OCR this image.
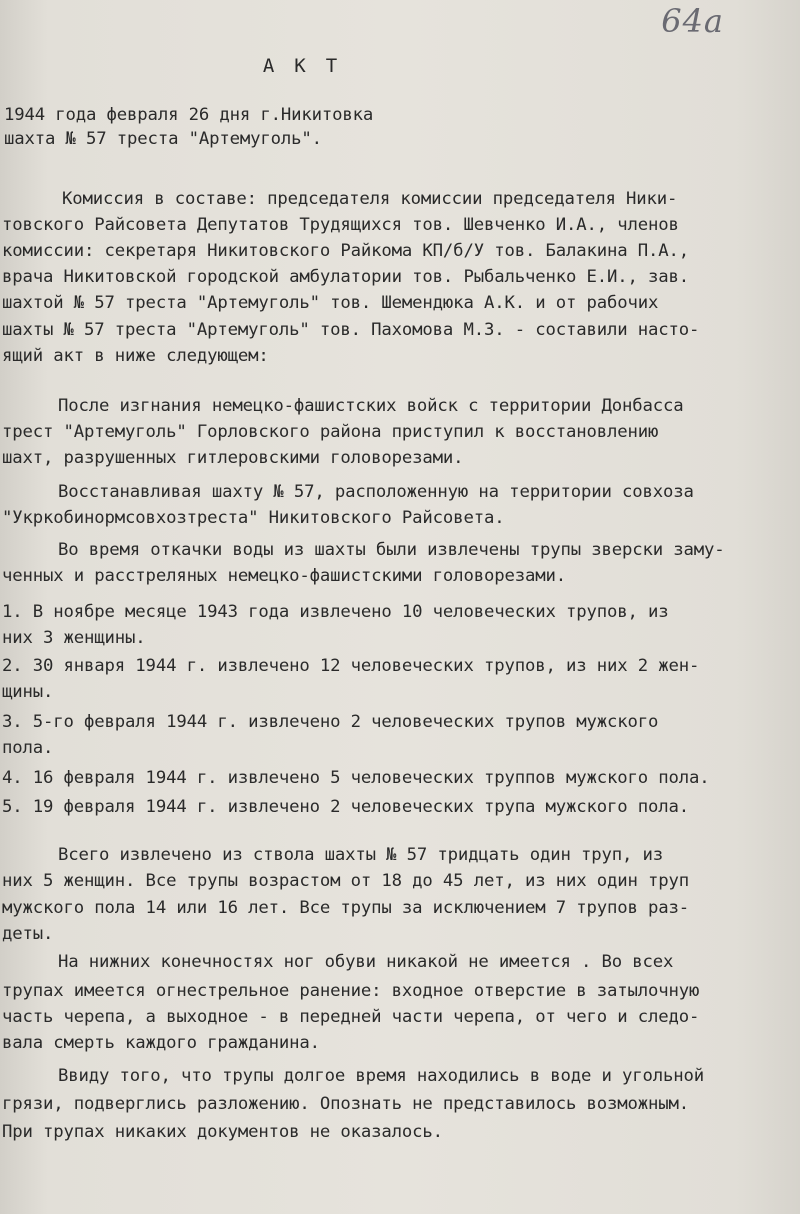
64а
АКТ
1944 года февраля 26 дня г.Никитовка
шахта № 57 треста "Артемуголь".
Комиссия в составе: председателя комиссии председателя Ники-
товского Райсовета Депутатов Трудящихся тов. Шевченко И.А., членов
комиссии: секретаря Никитовского Райкома КП/б/У тов. Балакина П.А.,
врача Никитовской городской амбулатории тов. Рыбальченко Е.И., зав.
шахтой № 57 треста "Артемуголь" тов. Шемендюка А.К. и от рабочих
шахты № 57 треста "Артемуголь" тов. Пахомова М.З. - составили насто-
ящий акт в ниже следующем:
После изгнания немецко-фашистских войск с территории Донбасса
трест "Артемуголь" Горловского района приступил к восстановлению
шахт, разрушенных гитлеровскими головорезами.
Восстанавливая шахту № 57, расположенную на территории совхоза
"Укркобинормсовхозтреста" Никитовского Райсовета.
Во время откачки воды из шахты были извлечены трупы зверски заму-
ченных и расстреляных немецко-фашистскими головорезами.
1. В ноябре месяце 1943 года извлечено 10 человеческих трупов, из
них 3 женщины.
2. 30 января 1944 г. извлечено 12 человеческих трупов, из них 2 жен-
щины.
3. 5-го февраля 1944 г. извлечено 2 человеческих трупов мужского
пола.
4. 16 февраля 1944 г. извлечено 5 человеческих труппов мужского пола.
5. 19 февраля 1944 г. извлечено 2 человеческих трупа мужского пола.
Всего извлечено из ствола шахты № 57 тридцать один труп, из
них 5 женщин. Все трупы возрастом от 18 до 45 лет, из них один труп
мужского пола 14 или 16 лет. Все трупы за исключением 7 трупов раз-
деты.
На нижних конечностях ног обуви никакой не имеется . Во всех
трупах имеется огнестрельное ранение: входное отверстие в затылочную
часть черепа, а выходное - в передней части черепа, от чего и следо-
вала смерть каждого гражданина.
Ввиду того, что трупы долгое время находились в воде и угольной
грязи, подверглись разложению. Опознать не представилось возможным.
При трупах никаких документов не оказалось.
